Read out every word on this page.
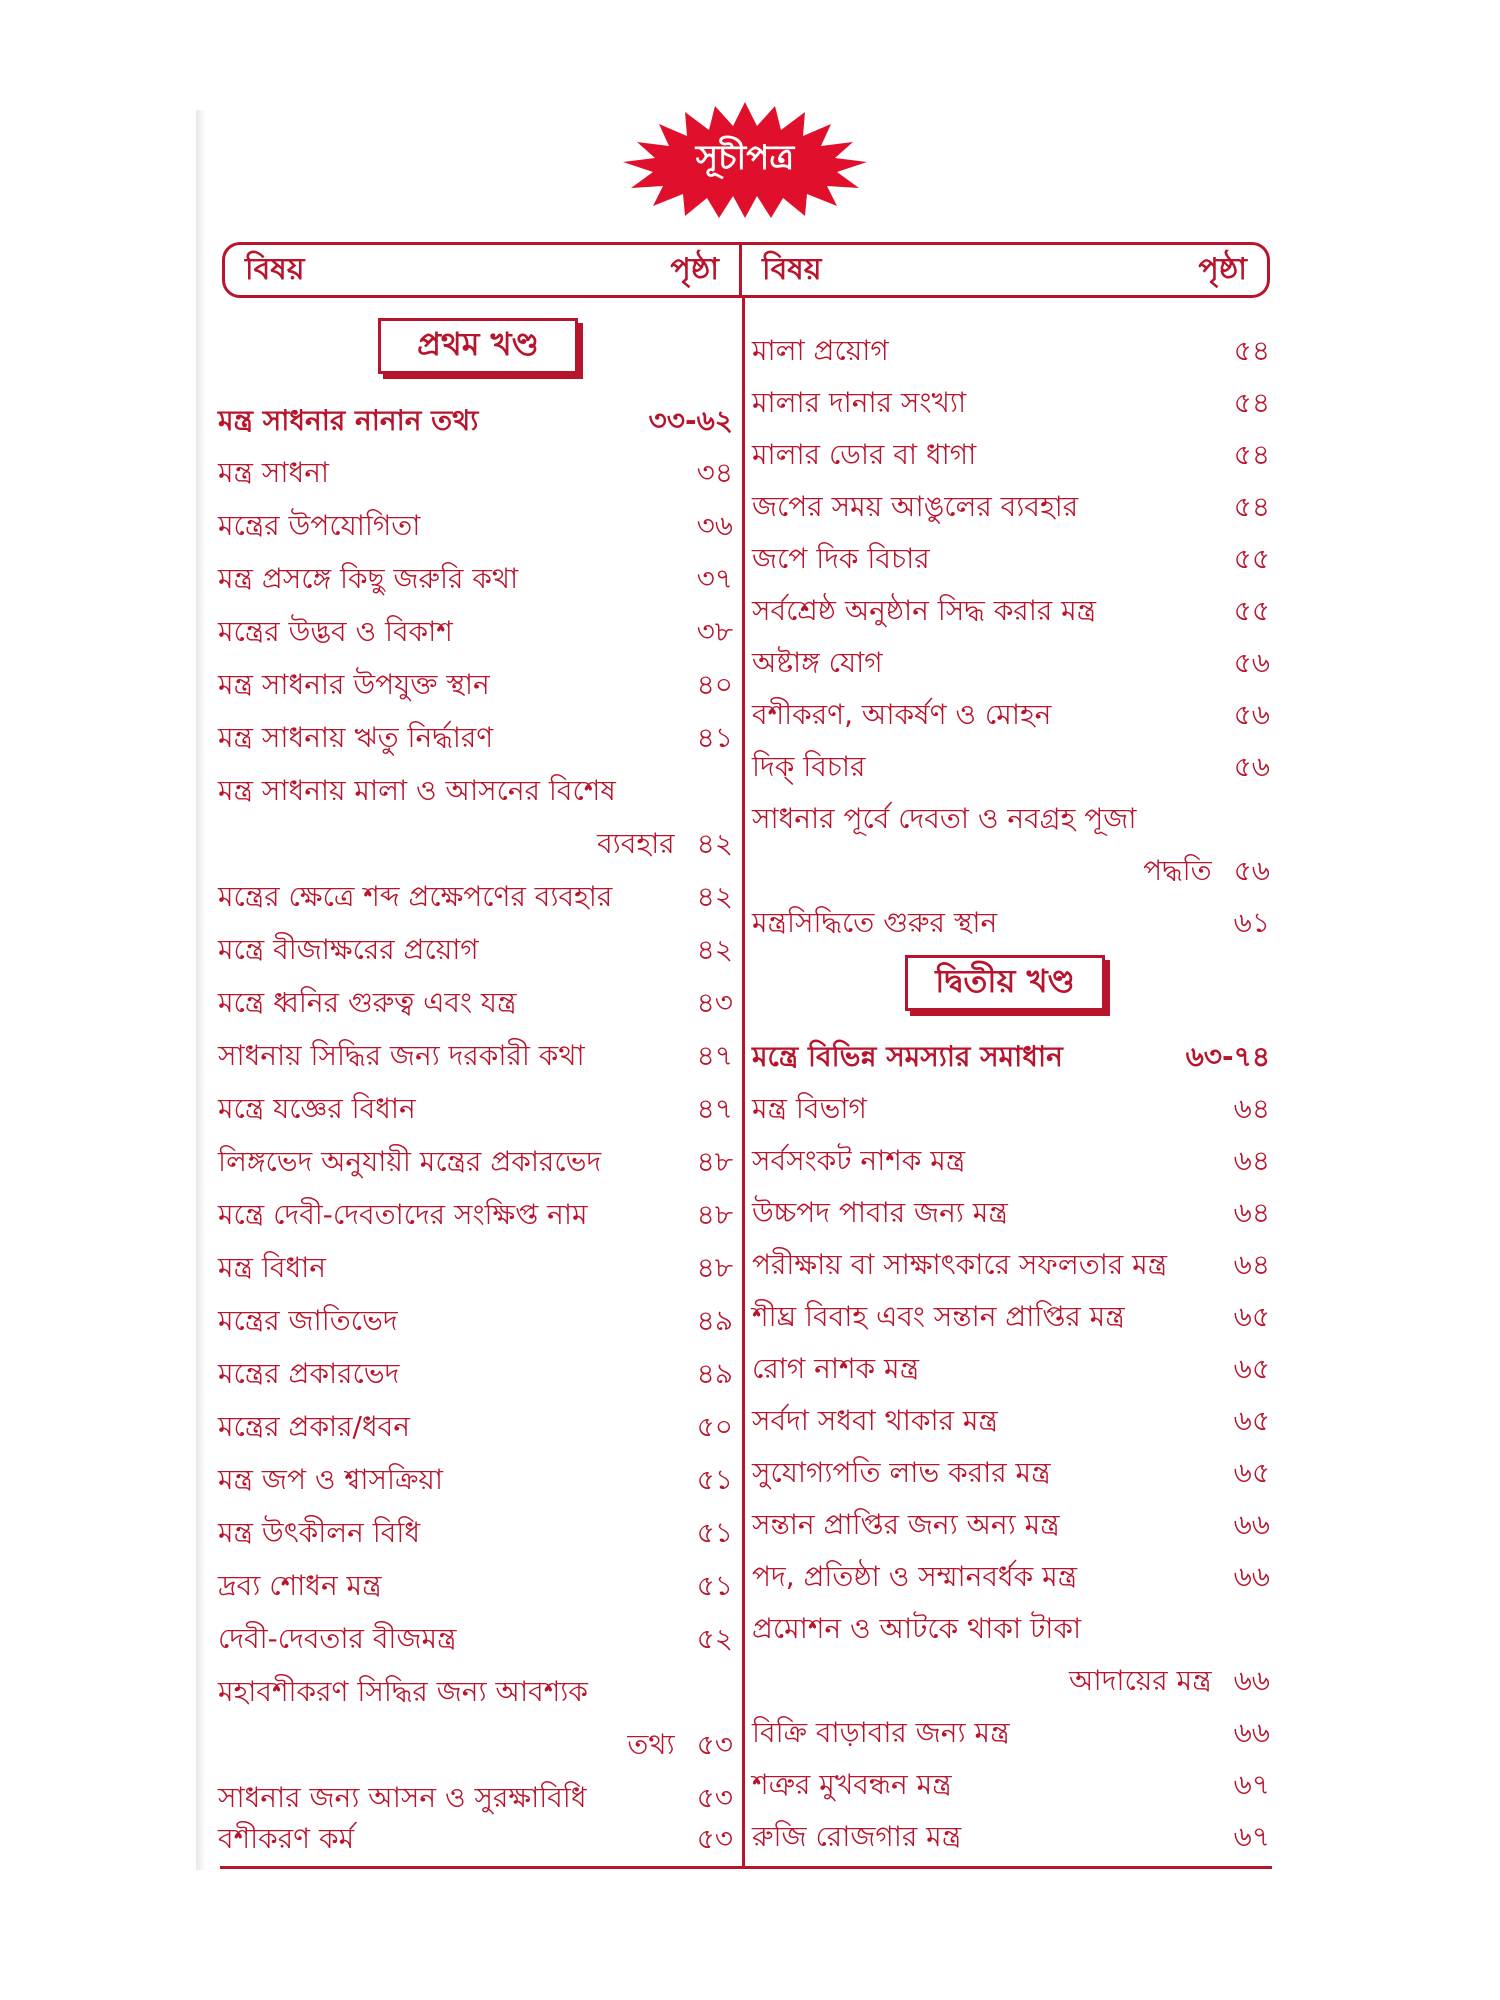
সূচীপত্র
বিষয়	পৃষ্ঠা বিষয়	পৃষ্ঠা
প্রথম খণ্ড
দ্বিতীয় খণ্ড
মন্ত্র সাধনার নানান তথ্য	৩৩-৬২
মন্ত্র সাধনা	৩৪
মন্ত্রের উপযোগিতা	৩৬
মন্ত্র প্রসঙ্গে কিছু জরুরি কথা	৩৭
মন্ত্রের উদ্ভব ও বিকাশ	৩৮
মন্ত্র সাধনার উপযুক্ত স্থান	৪০
মন্ত্র সাধনায় ঋতু নির্দ্ধারণ	৪১
মন্ত্র সাধনায় মালা ও আসনের বিশেষ
ব্যবহার ৪২
মন্ত্রের ক্ষেত্রে শব্দ প্রক্ষেপণের ব্যবহার	৪২
মন্ত্রে বীজাক্ষরের প্রয়োগ	৪২
মন্ত্রে ধ্বনির গুরুত্ব এবং যন্ত্র	৪৩
সাধনায় সিদ্ধির জন্য দরকারী কথা	৪৭
মন্ত্রে যজ্ঞের বিধান	৪৭
লিঙ্গভেদ অনুযায়ী মন্ত্রের প্রকারভেদ	৪৮
মন্ত্রে দেবী-দেবতাদের সংক্ষিপ্ত নাম	৪৮
মন্ত্র বিধান	৪৮
মন্ত্রের জাতিভেদ	৪৯
মন্ত্রের প্রকারভেদ	৪৯
মন্ত্রের প্রকার/ধবন	৫০
মন্ত্র জপ ও শ্বাসক্রিয়া	৫১
মন্ত্র উৎকীলন বিধি	৫১
দ্রব্য শোধন মন্ত্র	৫১
দেবী-দেবতার বীজমন্ত্র	৫২
মহাবশীকরণ সিদ্ধির জন্য আবশ্যক
তথ্য ৫৩
সাধনার জন্য আসন ও সুরক্ষাবিধি	৫৩
বশীকরণ কর্ম	৫৩
মালা প্রয়োগ	৫৪
মালার দানার সংখ্যা	৫৪
মালার ডোর বা ধাগা	৫৪
জপের সময় আঙুলের ব্যবহার	৫৪
জপে দিক বিচার	৫৫
সর্বশ্রেষ্ঠ অনুষ্ঠান সিদ্ধ করার মন্ত্র	৫৫
অষ্টাঙ্গ যোগ	৫৬
বশীকরণ, আকর্ষণ ও মোহন	৫৬
দিক্ বিচার	৫৬
সাধনার পূর্বে দেবতা ও নবগ্রহ পূজা
পদ্ধতি ৫৬
মন্ত্রসিদ্ধিতে গুরুর স্থান	৬১
মন্ত্রে বিভিন্ন সমস্যার সমাধান	৬৩-৭৪
মন্ত্র বিভাগ	৬৪
সর্বসংকট নাশক মন্ত্র	৬৪
উচ্চপদ পাবার জন্য মন্ত্র	৬৪
পরীক্ষায় বা সাক্ষাৎকারে সফলতার মন্ত্র	৬৪
শীঘ্র বিবাহ এবং সন্তান প্রাপ্তির মন্ত্র	৬৫
রোগ নাশক মন্ত্র	৬৫
সর্বদা সধবা থাকার মন্ত্র	৬৫
সুযোগ্যপতি লাভ করার মন্ত্র	৬৫
সন্তান প্রাপ্তির জন্য অন্য মন্ত্র	৬৬
পদ, প্রতিষ্ঠা ও সম্মানবর্ধক মন্ত্র	৬৬
প্রমোশন ও আটকে থাকা টাকা
আদায়ের মন্ত্র ৬৬
বিক্রি বাড়াবার জন্য মন্ত্র	৬৬
শত্রুর মুখবন্ধন মন্ত্র	৬৭
রুজি রোজগার মন্ত্র	৬৭
